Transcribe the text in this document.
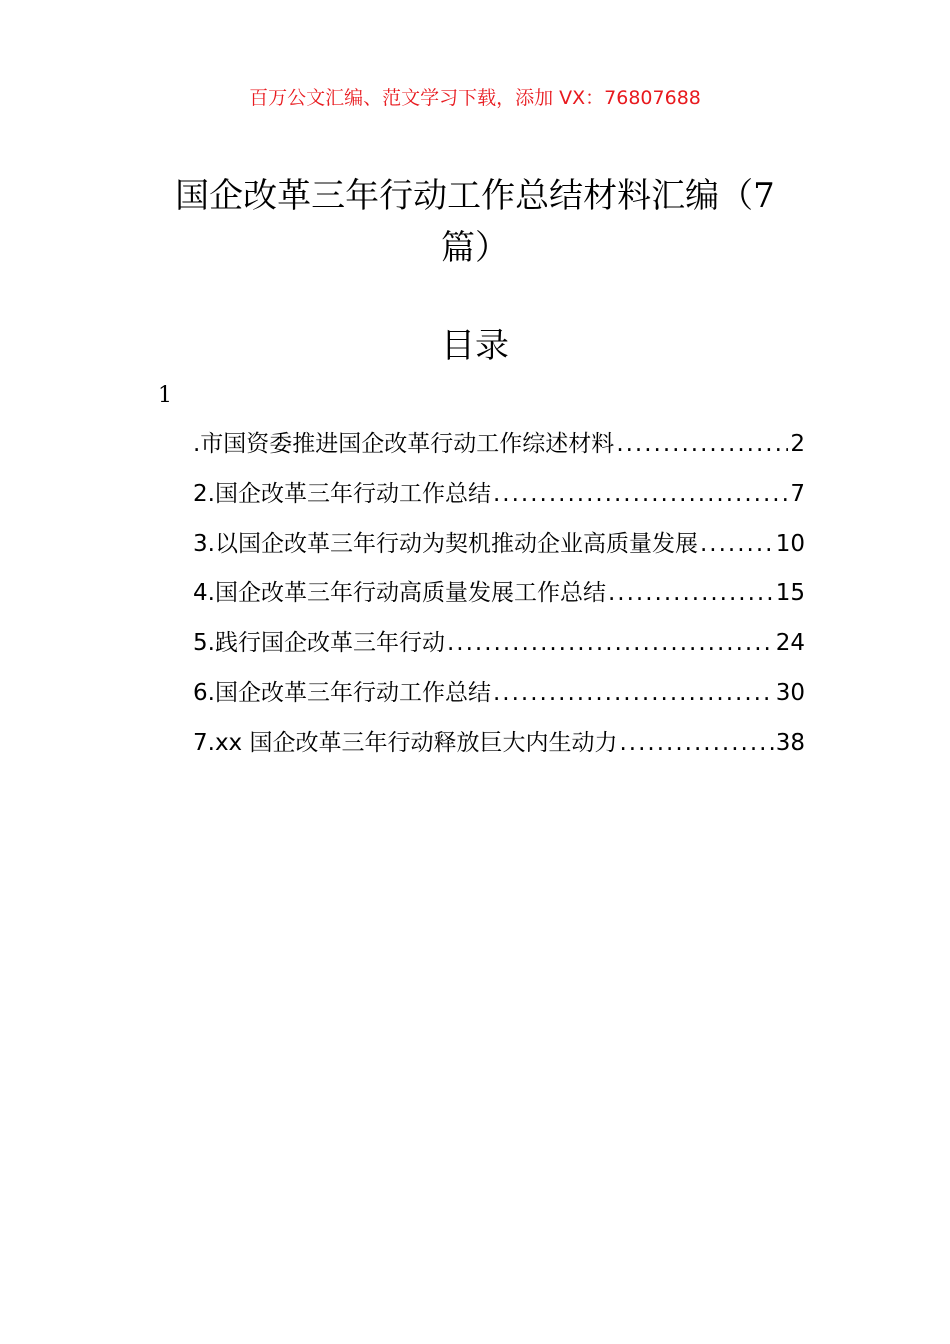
百万公文汇编、范文学习下载，添加 VX：76807688
国企改革三年行动工作总结材料汇编（7
篇）
目录
1
.市国资委推进国企改革行动工作综述材料 .....	2
2.国企改革三年行动工作总结 .....	7
3.以国企改革三年行动为契机推动企业高质量发展 .....	10
4.国企改革三年行动高质量发展工作总结 .....	15
5.践行国企改革三年行动 .....	24
6.国企改革三年行动工作总结 .....	30
7.xx 国企改革三年行动释放巨大内生动力 .....	38
